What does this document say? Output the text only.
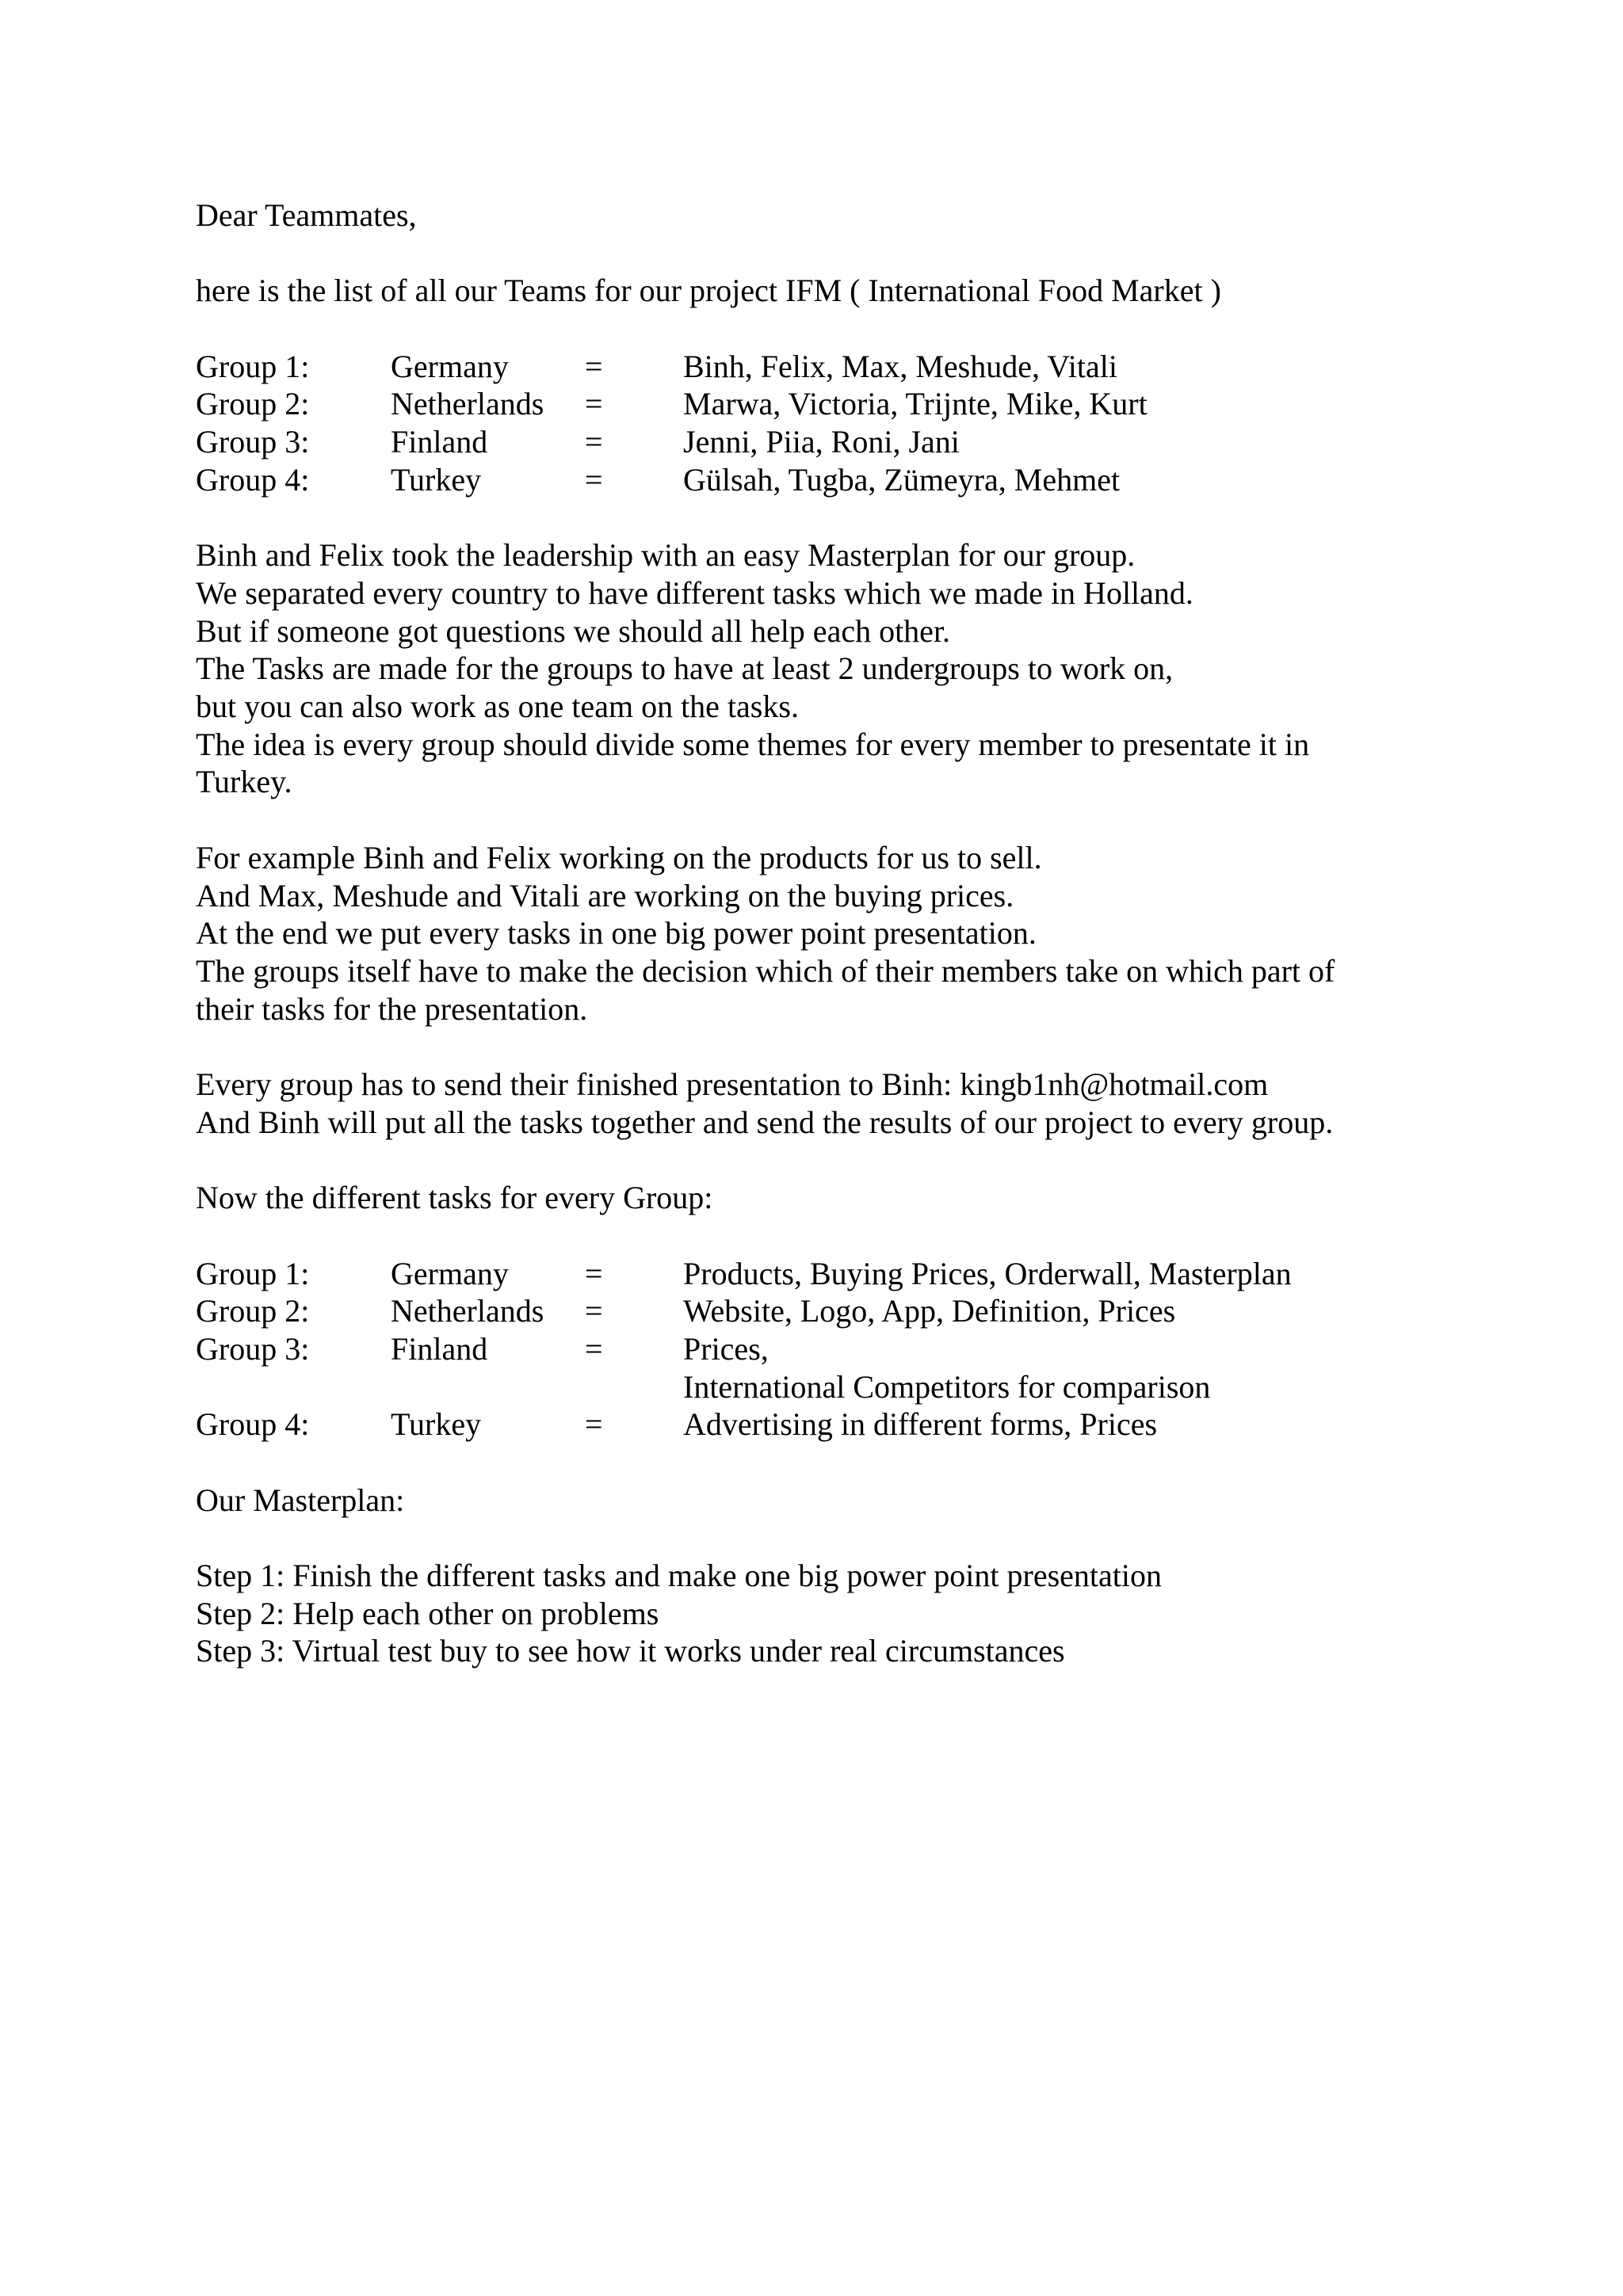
Dear Teammates,

here is the list of all our Teams for our project IFM ( International Food Market )

Group 1:	Germany =	Binh, Felix, Max, Meshude, Vitali
Group 2:	Netherlands =	Marwa, Victoria, Trijnte, Mike, Kurt
Group 3:	Finland	=	Jenni, Piia, Roni, Jani
Group 4:	Turkey	=	Gülsah, Tugba, Zümeyra, Mehmet

Binh and Felix took the leadership with an easy Masterplan for our group.

We separated every country to have different tasks which we made in Holland.

But if someone got questions we should all help each other.

The Tasks are made for the groups to have at least 2 undergroups to work on,

but you can also work as one team on the tasks.

The idea is every group should divide some themes for every member to presentate it in

Turkey.

For example Binh and Felix working on the products for us to sell.

And Max, Meshude and Vitali are working on the buying prices.

At the end we put every tasks in one big power point presentation.

The groups itself have to make the decision which of their members take on which part of

their tasks for the presentation.

Every group has to send their finished presentation to Binh: kingb1nh@hotmail.com

And Binh will put all the tasks together and send the results of our project to every group.

Now the different tasks for every Group:

Group 1:	Germany =	Products, Buying Prices, Orderwall, Masterplan
Group 2:	Netherlands =	Website, Logo, App, Definition, Prices
Group 3:	Finland	=	Prices,
International Competitors for comparison
Group 4:	Turkey	=	Advertising in different forms, Prices

Our Masterplan:

Step 1: Finish the different tasks and make one big power point presentation

Step 2: Help each other on problems

Step 3: Virtual test buy to see how it works under real circumstances
